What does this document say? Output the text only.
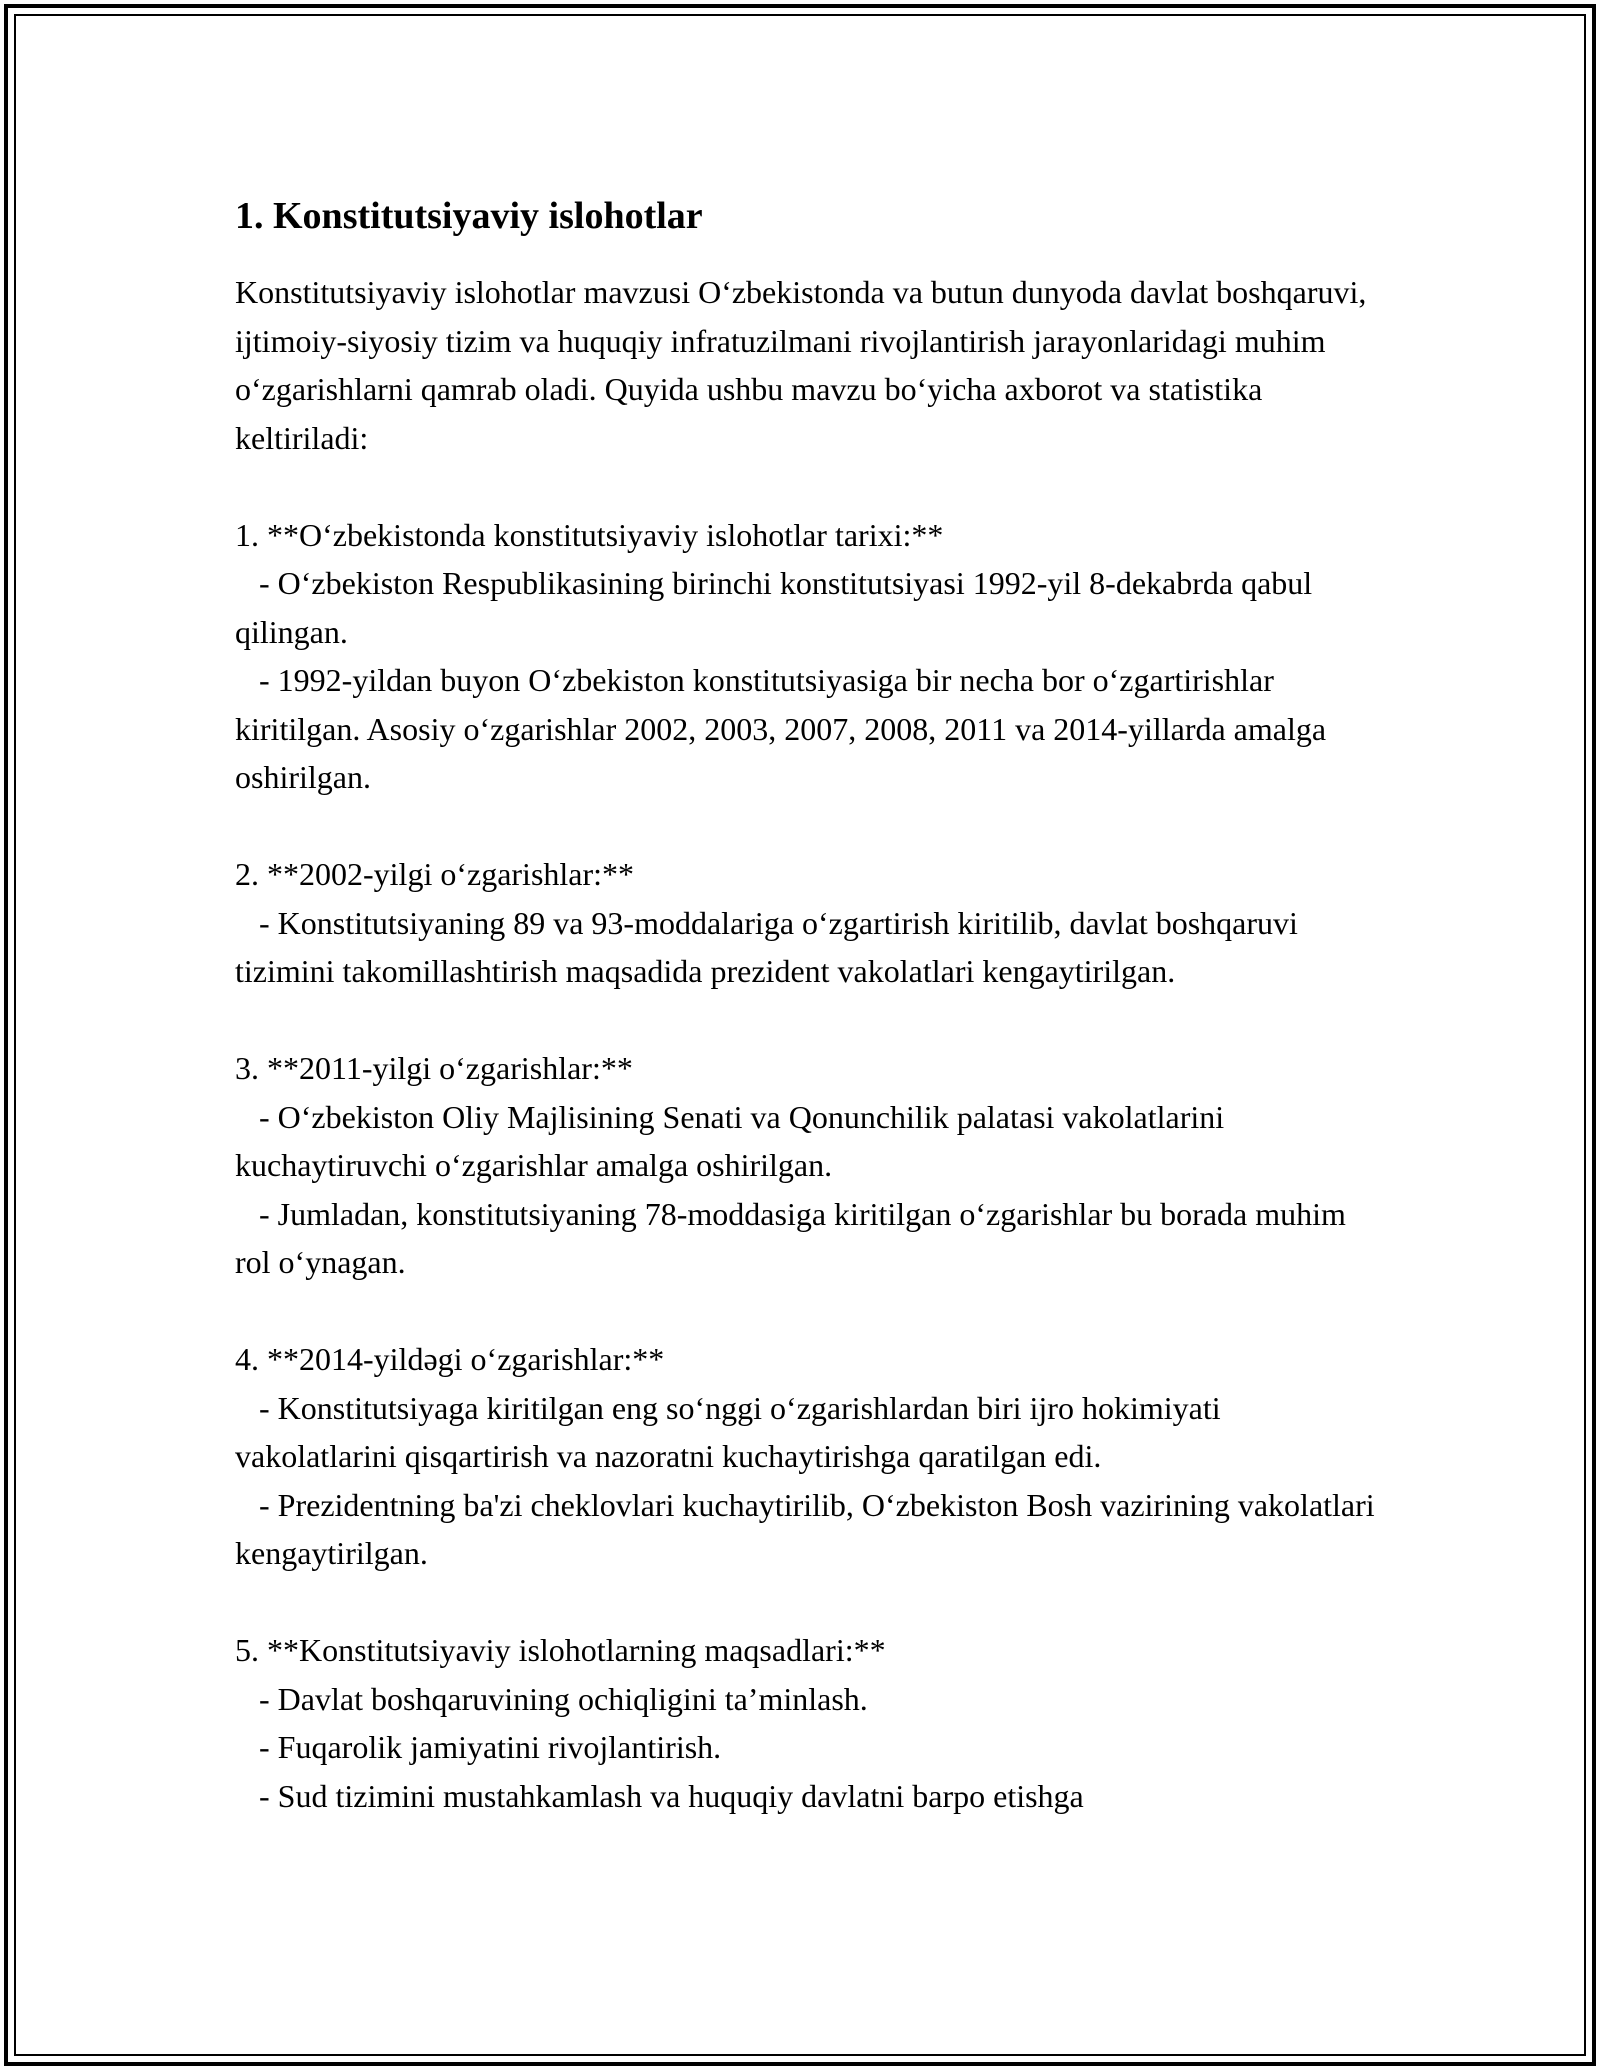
1. Konstitutsiyaviy islohotlar

Konstitutsiyaviy islohotlar mavzusi O‘zbekistonda va butun dunyoda davlat boshqaruvi, ijtimoiy-siyosiy tizim va huquqiy infratuzilmani rivojlantirish jarayonlaridagi muhim o‘zgarishlarni qamrab oladi. Quyida ushbu mavzu bo‘yicha axborot va statistika keltiriladi:

1. **O‘zbekistonda konstitutsiyaviy islohotlar tarixi:**
- O‘zbekiston Respublikasining birinchi konstitutsiyasi 1992-yil 8-dekabrda qabul qilingan.
- 1992-yildan buyon O‘zbekiston konstitutsiyasiga bir necha bor o‘zgartirishlar kiritilgan. Asosiy o‘zgarishlar 2002, 2003, 2007, 2008, 2011 va 2014-yillarda amalga oshirilgan.
2. **2002-yilgi o‘zgarishlar:**
- Konstitutsiyaning 89 va 93-moddalariga o‘zgartirish kiritilib, davlat boshqaruvi tizimini takomillashtirish maqsadida prezident vakolatlari kengaytirilgan.
3. **2011-yilgi o‘zgarishlar:**
- O‘zbekiston Oliy Majlisining Senati va Qonunchilik palatasi vakolatlarini kuchaytiruvchi o‘zgarishlar amalga oshirilgan.
- Jumladan, konstitutsiyaning 78-moddasiga kiritilgan o‘zgarishlar bu borada muhim rol o‘ynagan.
4. **2014-yildəgi o‘zgarishlar:**
- Konstitutsiyaga kiritilgan eng so‘nggi o‘zgarishlardan biri ijro hokimiyati vakolatlarini qisqartirish va nazoratni kuchaytirishga qaratilgan edi.
- Prezidentning ba'zi cheklovlari kuchaytirilib, O‘zbekiston Bosh vazirining vakolatlari kengaytirilgan.
5. **Konstitutsiyaviy islohotlarning maqsadlari:**
- Davlat boshqaruvining ochiqligini ta’minlash.
- Fuqarolik jamiyatini rivojlantirish.
- Sud tizimini mustahkamlash va huquqiy davlatni barpo etishga
